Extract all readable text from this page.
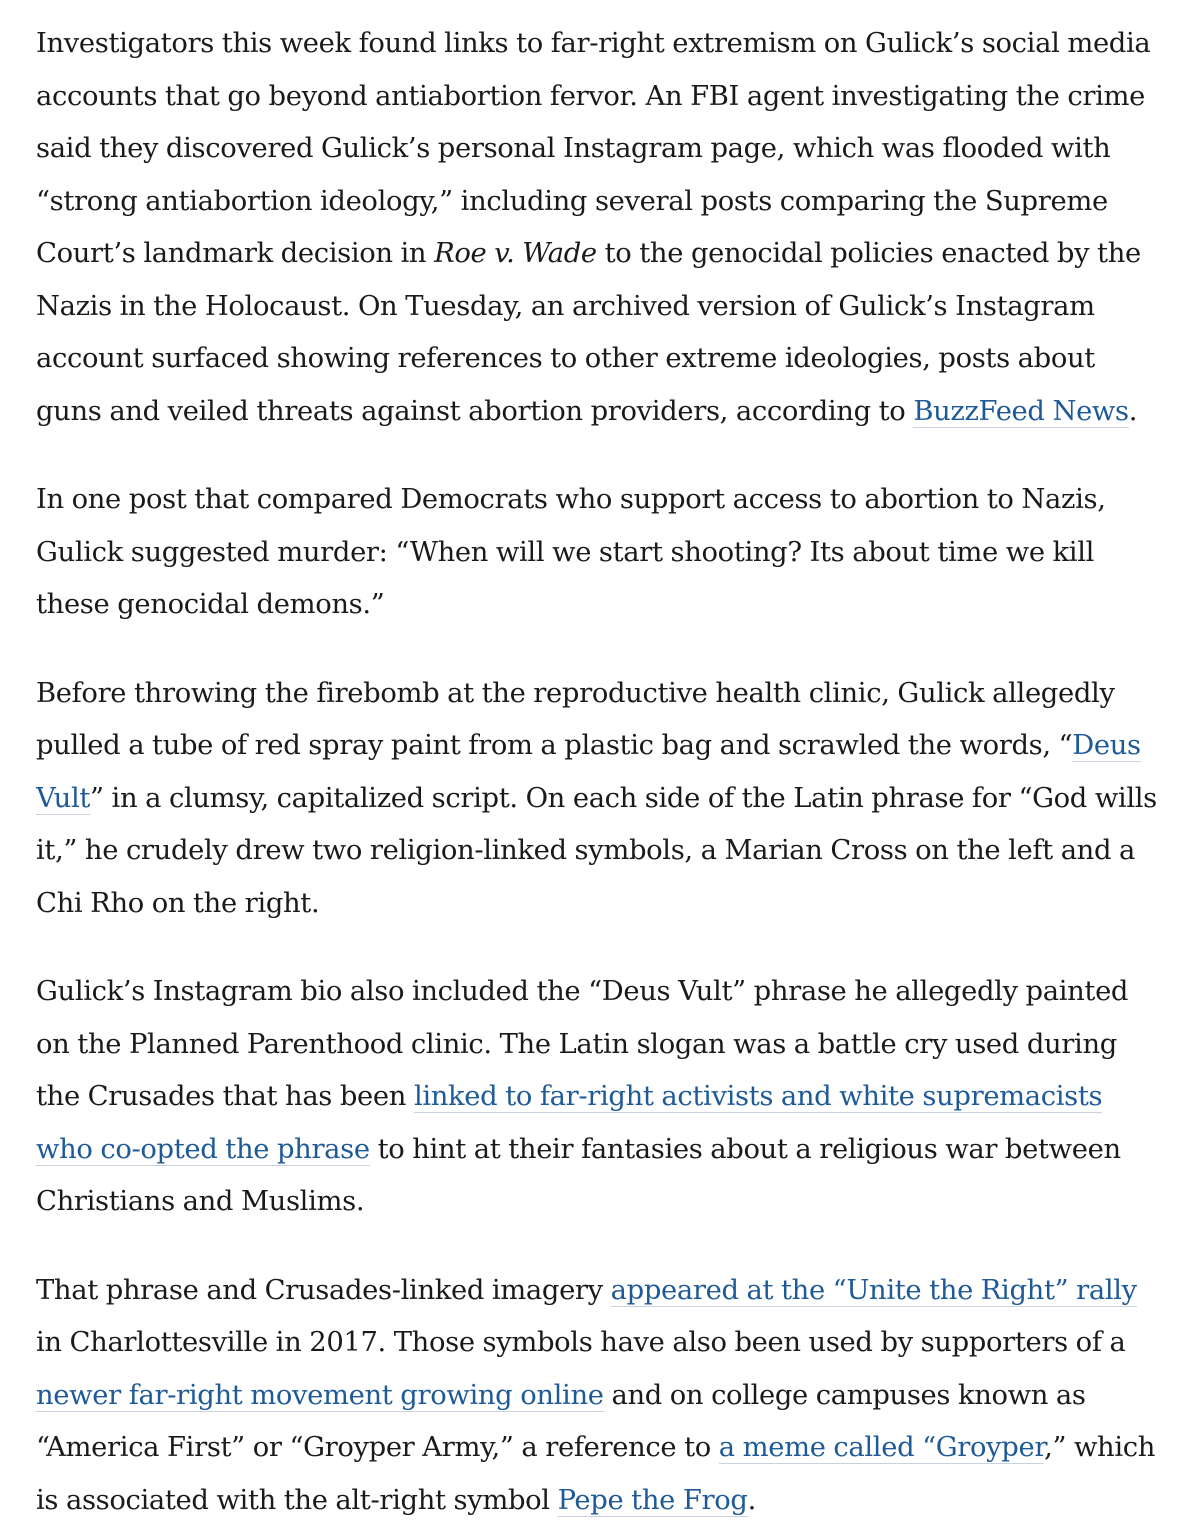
Investigators this week found links to far-right extremism on Gulick’s social media accounts that go beyond antiabortion fervor. An FBI agent investigating the crime said they discovered Gulick’s personal Instagram page, which was flooded with “strong antiabortion ideology,” including several posts comparing the Supreme Court’s landmark decision in Roe v. Wade to the genocidal policies enacted by the Nazis in the Holocaust. On Tuesday, an archived version of Gulick’s Instagram account surfaced showing references to other extreme ideologies, posts about guns and veiled threats against abortion providers, according to BuzzFeed News.

In one post that compared Democrats who support access to abortion to Nazis, Gulick suggested murder: “When will we start shooting? Its about time we kill these genocidal demons.”

Before throwing the firebomb at the reproductive health clinic, Gulick allegedly pulled a tube of red spray paint from a plastic bag and scrawled the words, “Deus Vult” in a clumsy, capitalized script. On each side of the Latin phrase for “God wills it,” he crudely drew two religion-linked symbols, a Marian Cross on the left and a Chi Rho on the right.

Gulick’s Instagram bio also included the “Deus Vult” phrase he allegedly painted on the Planned Parenthood clinic. The Latin slogan was a battle cry used during the Crusades that has been linked to far-right activists and white supremacists who co-opted the phrase to hint at their fantasies about a religious war between Christians and Muslims.

That phrase and Crusades-linked imagery appeared at the “Unite the Right” rally in Charlottesville in 2017. Those symbols have also been used by supporters of a newer far-right movement growing online and on college campuses known as “America First” or “Groyper Army,” a reference to a meme called “Groyper,” which is associated with the alt-right symbol Pepe the Frog.
